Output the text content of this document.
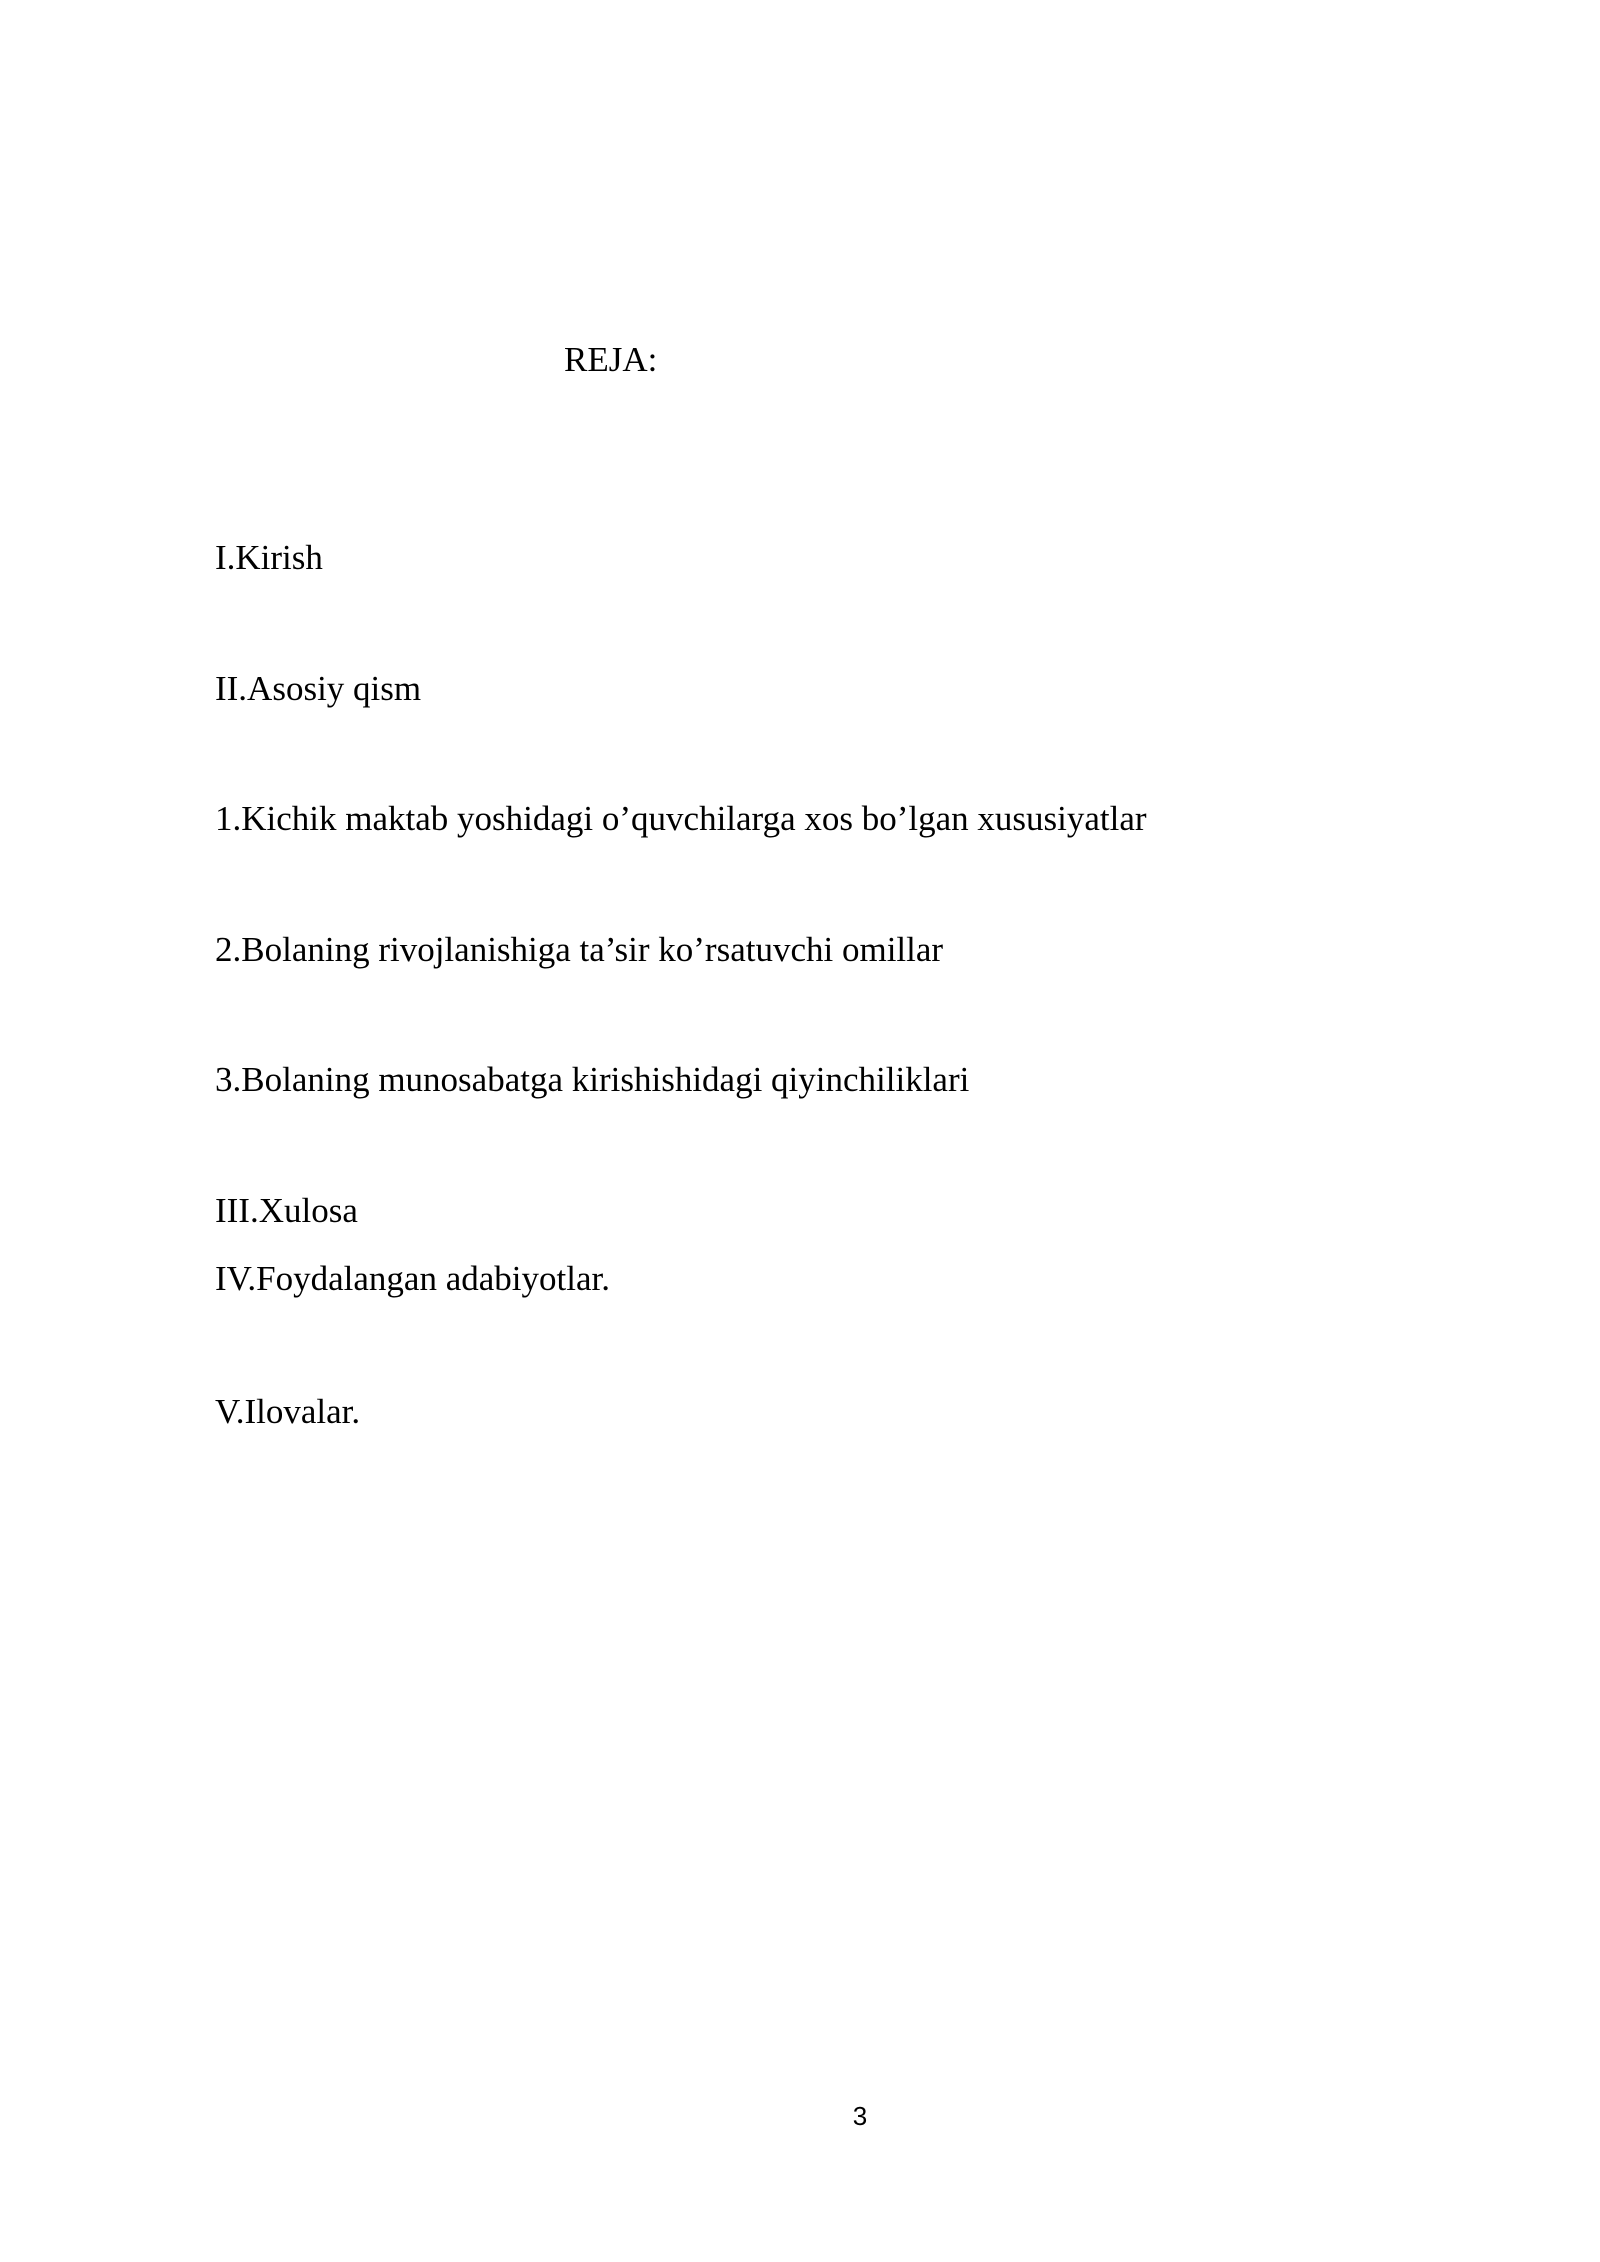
REJA:
I.Kirish
II.Asosiy qism
1.Kichik maktab yoshidagi o’quvchilarga xos bo’lgan xususiyatlar
2.Bolaning rivojlanishiga ta’sir ko’rsatuvchi omillar
3.Bolaning munosabatga kirishishidagi qiyinchiliklari
III.Xulosa
IV.Foydalangan adabiyotlar.
V.Ilovalar.
3
